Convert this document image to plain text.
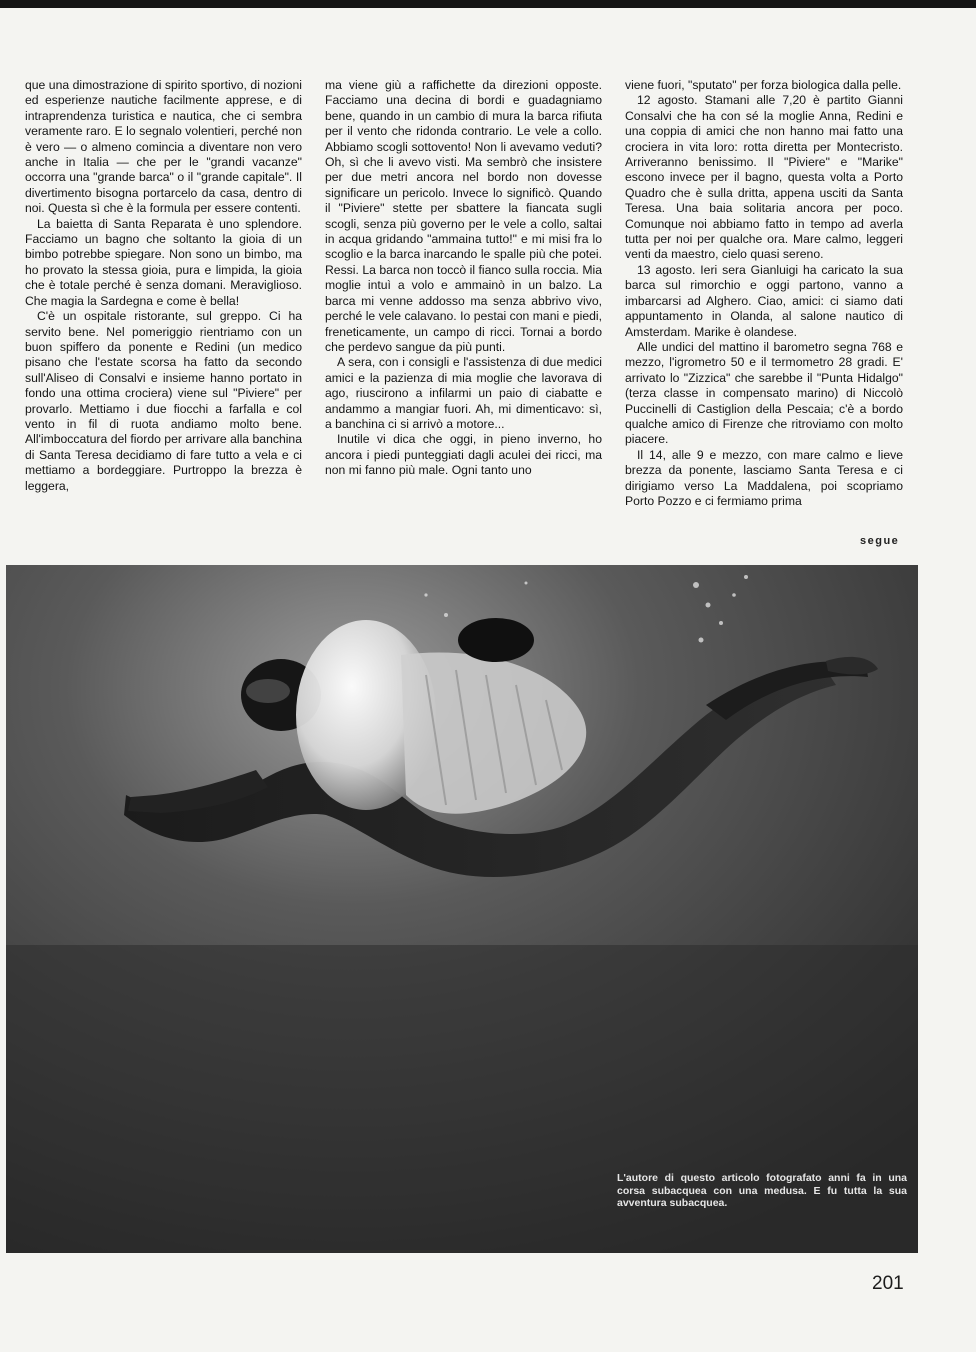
que una dimostrazione di spirito sportivo, di nozioni ed esperienze nautiche facilmente apprese, e di intraprendenza turistica e nautica, che ci sembra veramente raro. E lo segnalo volentieri, perché non è vero — o almeno comincia a diventare non vero anche in Italia — che per le "grandi vacanze" occorra una "grande barca" o il "grande capitale". Il divertimento bisogna portarcelo da casa, dentro di noi. Questa sì che è la formula per essere contenti.

La baietta di Santa Reparata è uno splendore. Facciamo un bagno che soltanto la gioia di un bimbo potrebbe spiegare. Non sono un bimbo, ma ho provato la stessa gioia, pura e limpida, la gioia che è totale perché è senza domani. Meraviglioso. Che magia la Sardegna e come è bella!

C'è un ospitale ristorante, sul greppo. Ci ha servito bene. Nel pomeriggio rientriamo con un buon spiffero da ponente e Redini (un medico pisano che l'estate scorsa ha fatto da secondo sull'Aliseo di Consalvi e insieme hanno portato in fondo una ottima crociera) viene sul "Piviere" per provarlo. Mettiamo i due fiocchi a farfalla e col vento in fil di ruota andiamo molto bene. All'imboccatura del fiordo per arrivare alla banchina di Santa Teresa decidiamo di fare tutto a vela e ci mettiamo a bordeggiare. Purtroppo la brezza è leggera,

ma viene giù a raffichette da direzioni opposte. Facciamo una decina di bordi e guadagniamo bene, quando in un cambio di mura la barca rifiuta per il vento che ridonda contrario. Le vele a collo. Abbiamo scogli sottovento! Non li avevamo veduti? Oh, sì che li avevo visti. Ma sembrò che insistere per due metri ancora nel bordo non dovesse significare un pericolo. Invece lo significò. Quando il "Piviere" stette per sbattere la fiancata sugli scogli, senza più governo per le vele a collo, saltai in acqua gridando "ammaina tutto!" e mi misi fra lo scoglio e la barca inarcando le spalle più che potei. Ressi. La barca non toccò il fianco sulla roccia. Mia moglie intuì a volo e ammainò in un balzo. La barca mi venne addosso ma senza abbrivo vivo, perché le vele calavano. Io pestai con mani e piedi, freneticamente, un campo di ricci. Tornai a bordo che perdevo sangue da più punti.

A sera, con i consigli e l'assistenza di due medici amici e la pazienza di mia moglie che lavorava di ago, riuscirono a infilarmi un paio di ciabatte e andammo a mangiar fuori. Ah, mi dimenticavo: sì, a banchina ci si arrivò a motore...

Inutile vi dica che oggi, in pieno inverno, ho ancora i piedi punteggiati dagli aculei dei ricci, ma non mi fanno più male. Ogni tanto uno

viene fuori, "sputato" per forza biologica dalla pelle.

12 agosto. Stamani alle 7,20 è partito Gianni Consalvi che ha con sé la moglie Anna, Redini e una coppia di amici che non hanno mai fatto una crociera in vita loro: rotta diretta per Montecristo. Arriveranno benissimo. Il "Piviere" e "Marike" escono invece per il bagno, questa volta a Porto Quadro che è sulla dritta, appena usciti da Santa Teresa. Una baia solitaria ancora per poco. Comunque noi abbiamo fatto in tempo ad averla tutta per noi per qualche ora. Mare calmo, leggeri venti da maestro, cielo quasi sereno.

13 agosto. Ieri sera Gianluigi ha caricato la sua barca sul rimorchio e oggi partono, vanno a imbarcarsi ad Alghero. Ciao, amici: ci siamo dati appuntamento in Olanda, al salone nautico di Amsterdam. Marike è olandese.

Alle undici del mattino il barometro segna 768 e mezzo, l'igrometro 50 e il termometro 28 gradi. E' arrivato lo "Zizzica" che sarebbe il "Punta Hidalgo" (terza classe in compensato marino) di Niccolò Puccinelli di Castiglion della Pescaia; c'è a bordo qualche amico di Firenze che ritroviamo con molto piacere.

Il 14, alle 9 e mezzo, con mare calmo e lieve brezza da ponente, lasciamo Santa Teresa e ci dirigiamo verso La Maddalena, poi scopriamo Porto Pozzo e ci fermiamo prima

segue
L'autore di questo articolo fotografato anni fa in una corsa subacquea con una medusa. E fu tutta la sua avventura subacquea.
201
